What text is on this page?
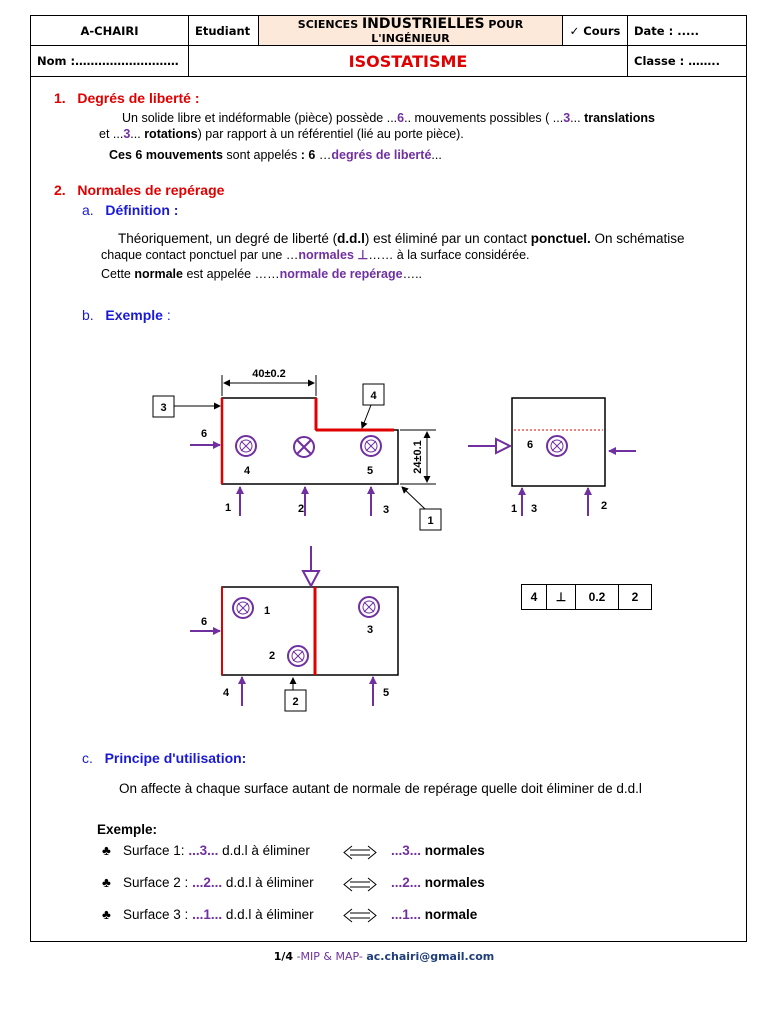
A-CHAIRI	Etudiant	SCIENCES INDUSTRIELLES POUR L'INGÉNIEUR	✓ Cours	Date : .....
Nom :………………………	ISOSTATISME			Classe : ……..
1. Degrés de liberté :
Un solide libre et indéformable (pièce) possède ...6.. mouvements possibles ( ...3... translations
et ...3... rotations) par rapport à un référentiel (lié au porte pièce).
Ces 6 mouvements sont appelés : 6 …degrés de liberté...
2. Normales de repérage
a. Définition :
Théoriquement, un degré de liberté (d.d.l) est éliminé par un contact ponctuel. On schématise
chaque contact ponctuel par une …normales ⊥…… à la surface considérée.
Cette normale est appelée ……normale de repérage…..
b. Exemple :
40±0.2
24±0.1
3
4
1
6
4	5
1	2	3
6
1 3	2
6
1
2
3
4	5
2
4	⊥	0.2	2
c. Principe d'utilisation:
On affecte à chaque surface autant de normale de repérage quelle doit éliminer de d.d.l
Exemple:
♣ Surface 1: ...3... d.d.l à éliminer	...3... normales
♣ Surface 2 : ...2... d.d.l à éliminer	...2... normales
♣ Surface 3 : ...1... d.d.l à éliminer	...1... normale
1/4 -MIP & MAP- ac.chairi@gmail.com
